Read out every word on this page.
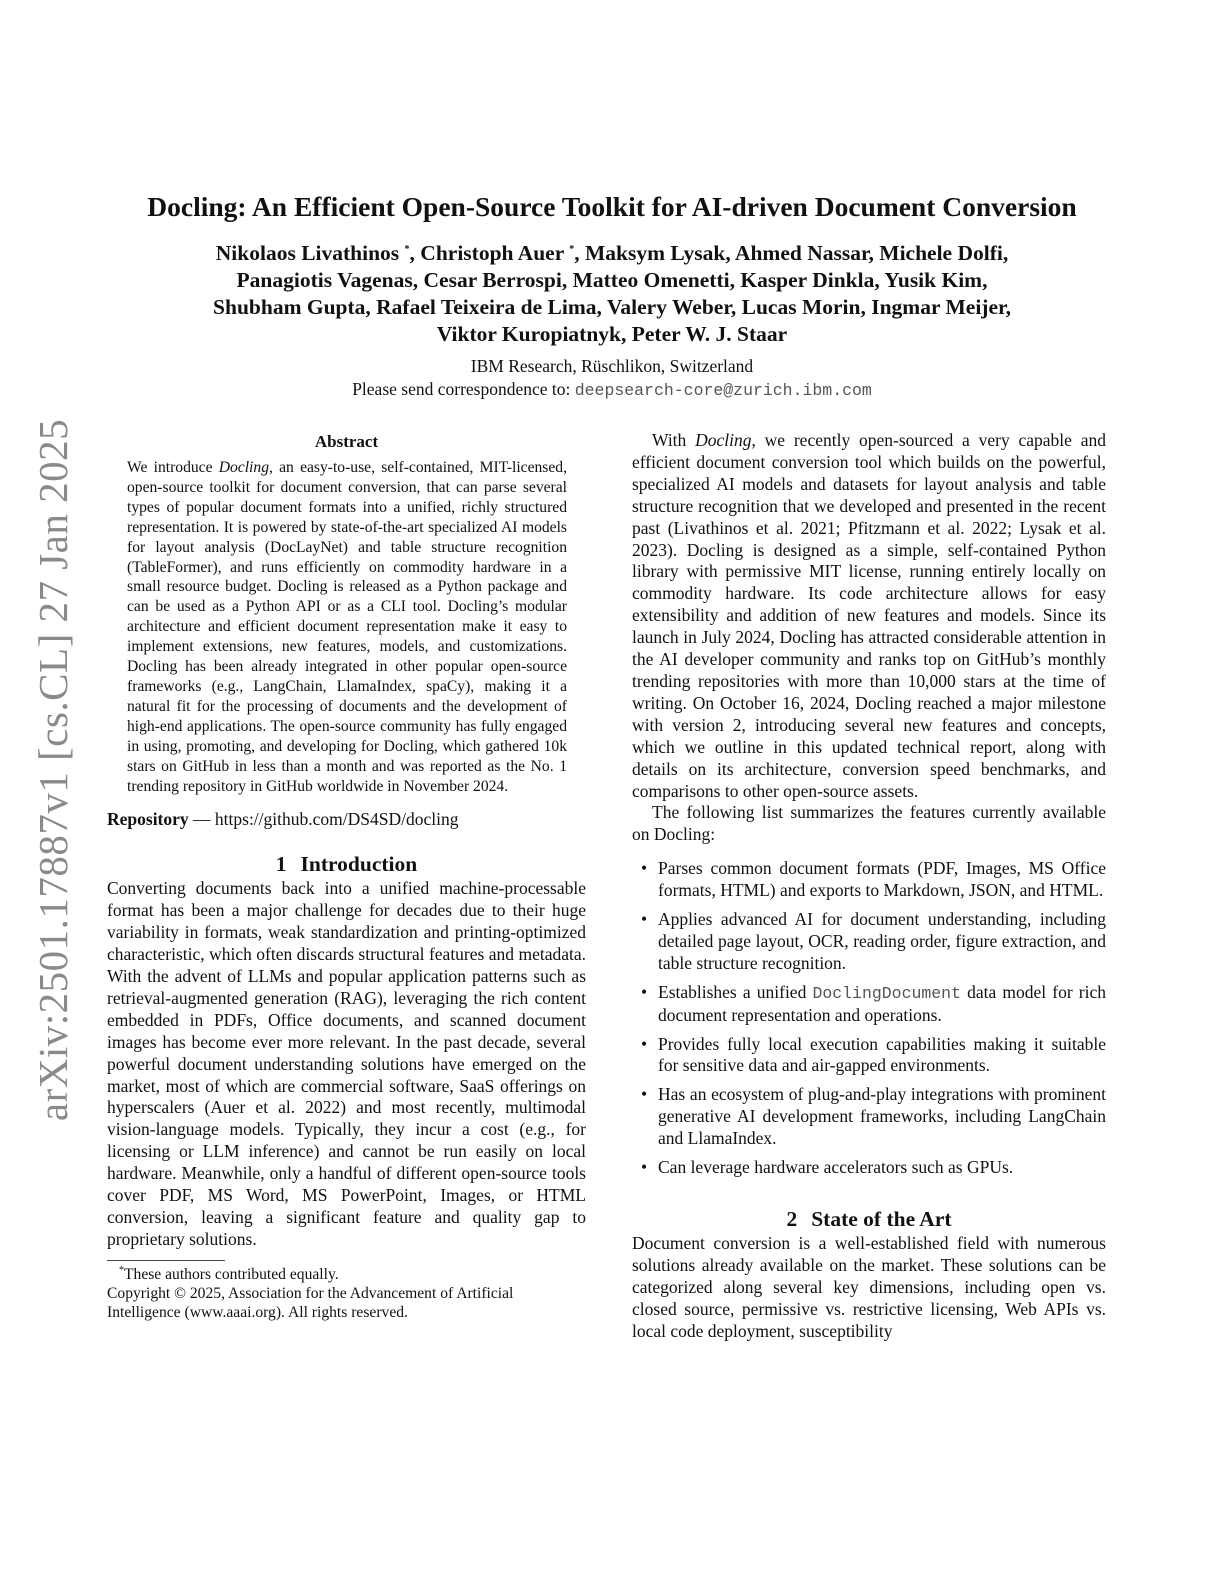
arXiv:2501.17887v1 [cs.CL] 27 Jan 2025
Docling: An Efficient Open-Source Toolkit for AI-driven Document Conversion
Nikolaos Livathinos *, Christoph Auer *, Maksym Lysak, Ahmed Nassar, Michele Dolfi,
Panagiotis Vagenas, Cesar Berrospi, Matteo Omenetti, Kasper Dinkla, Yusik Kim,
Shubham Gupta, Rafael Teixeira de Lima, Valery Weber, Lucas Morin, Ingmar Meijer,
Viktor Kuropiatnyk, Peter W. J. Staar
IBM Research, Rüschlikon, Switzerland
Please send correspondence to: deepsearch-core@zurich.ibm.com
Abstract

We introduce Docling, an easy-to-use, self-contained, MIT-licensed, open-source toolkit for document conversion, that can parse several types of popular document formats into a unified, richly structured representation. It is powered by state-of-the-art specialized AI models for layout analysis (DocLayNet) and table structure recognition (TableFormer), and runs efficiently on commodity hardware in a small resource budget. Docling is released as a Python package and can be used as a Python API or as a CLI tool. Docling’s modular architecture and efficient document representation make it easy to implement extensions, new features, models, and customizations. Docling has been already integrated in other popular open-source frameworks (e.g., LangChain, LlamaIndex, spaCy), making it a natural fit for the processing of documents and the development of high-end applications. The open-source community has fully engaged in using, promoting, and developing for Docling, which gathered 10k stars on GitHub in less than a month and was reported as the No. 1 trending repository in GitHub worldwide in November 2024.

Repository — https://github.com/DS4SD/docling

1 Introduction

Converting documents back into a unified machine-processable format has been a major challenge for decades due to their huge variability in formats, weak standardization and printing-optimized characteristic, which often discards structural features and metadata. With the advent of LLMs and popular application patterns such as retrieval-augmented generation (RAG), leveraging the rich content embedded in PDFs, Office documents, and scanned document images has become ever more relevant. In the past decade, several powerful document understanding solutions have emerged on the market, most of which are commercial software, SaaS offerings on hyperscalers (Auer et al. 2022) and most recently, multimodal vision-language models. Typically, they incur a cost (e.g., for licensing or LLM inference) and cannot be run easily on local hardware. Meanwhile, only a handful of different open-source tools cover PDF, MS Word, MS PowerPoint, Images, or HTML conversion, leaving a significant feature and quality gap to proprietary solutions.

*These authors contributed equally.

Copyright © 2025, Association for the Advancement of Artificial Intelligence (www.aaai.org). All rights reserved.

With Docling, we recently open-sourced a very capable and efficient document conversion tool which builds on the powerful, specialized AI models and datasets for layout analysis and table structure recognition that we developed and presented in the recent past (Livathinos et al. 2021; Pfitzmann et al. 2022; Lysak et al. 2023). Docling is designed as a simple, self-contained Python library with permissive MIT license, running entirely locally on commodity hardware. Its code architecture allows for easy extensibility and addition of new features and models. Since its launch in July 2024, Docling has attracted considerable attention in the AI developer community and ranks top on GitHub’s monthly trending repositories with more than 10,000 stars at the time of writing. On October 16, 2024, Docling reached a major milestone with version 2, introducing several new features and concepts, which we outline in this updated technical report, along with details on its architecture, conversion speed benchmarks, and comparisons to other open-source assets.

The following list summarizes the features currently available on Docling:

• Parses common document formats (PDF, Images, MS Office formats, HTML) and exports to Markdown, JSON, and HTML.
• Applies advanced AI for document understanding, including detailed page layout, OCR, reading order, figure extraction, and table structure recognition.
• Establishes a unified DoclingDocument data model for rich document representation and operations.
• Provides fully local execution capabilities making it suitable for sensitive data and air-gapped environments.
• Has an ecosystem of plug-and-play integrations with prominent generative AI development frameworks, including LangChain and LlamaIndex.
• Can leverage hardware accelerators such as GPUs.
2 State of the Art

Document conversion is a well-established field with numerous solutions already available on the market. These solutions can be categorized along several key dimensions, including open vs. closed source, permissive vs. restrictive licensing, Web APIs vs. local code deployment, susceptibility
